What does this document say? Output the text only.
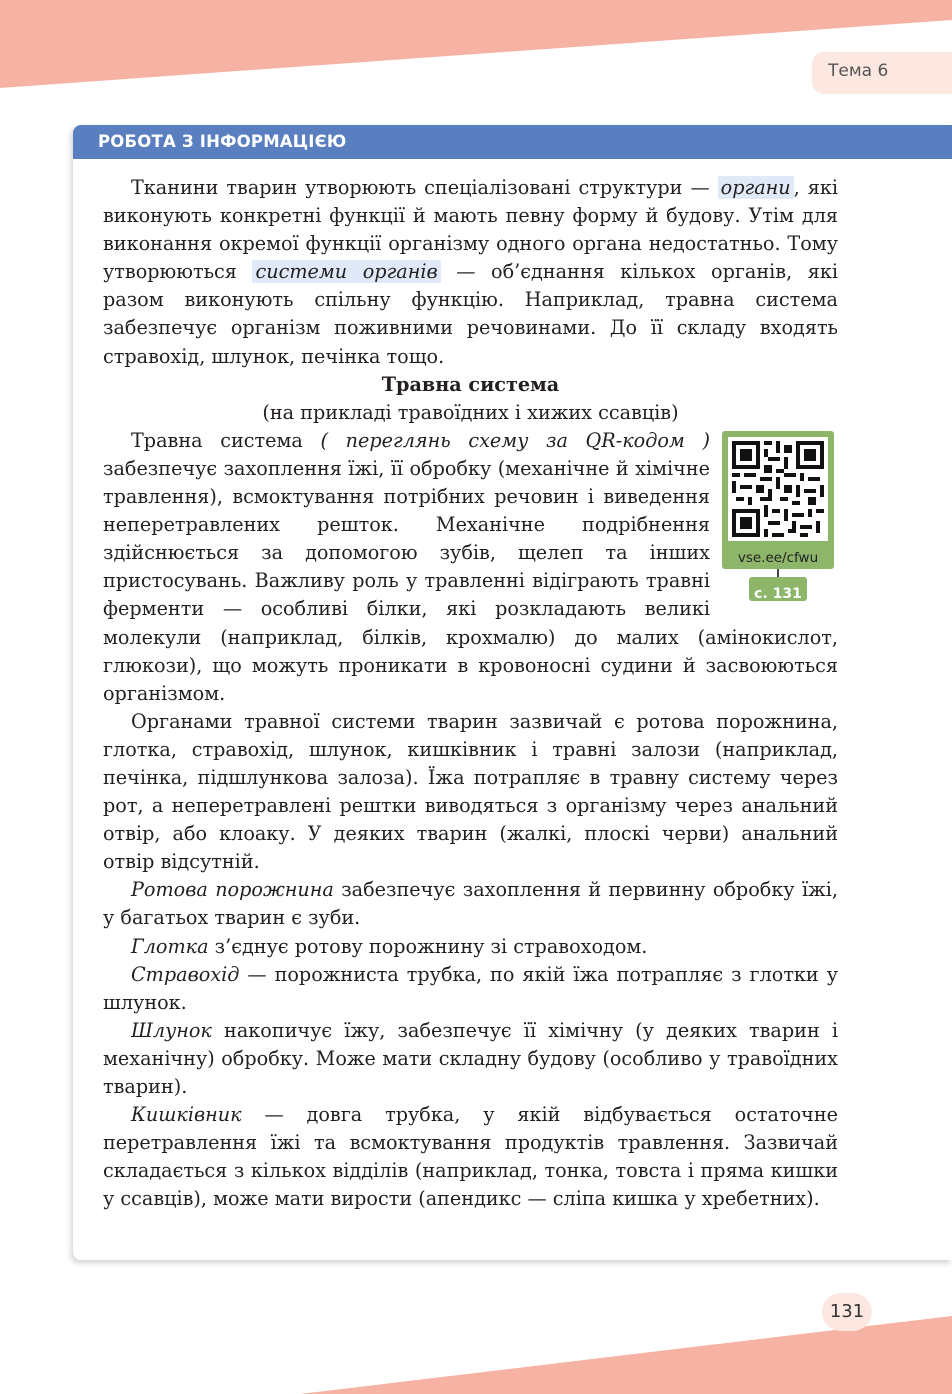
Тема 6
РОБОТА З ІНФОРМАЦІЄЮ

Тканини тварин утворюють спеціалізовані структури — органи , які виконують конкретні функції й мають певну форму й будову. Утім для виконання окремої функції організму одного органа недостатньо. Тому утворюються системи органів — об’єднання кількох органів, які разом виконують спільну функцію. Наприклад, травна система забезпечує організм поживними речовинами. До її складу входять стравохід, шлунок, печінка тощо.

Травна система

(на прикладі травоїдних і хижих ссавців)

vse.ee/cfwu
с. 131

Травна система ( переглянь схему за QR-кодом ) забезпечує захоплення їжі, її обробку (механічне й хімічне травлення), всмоктування потрібних речовин і виведення неперетравлених решток. Механічне подрібнення здійснюється за допомогою зубів, щелеп та інших пристосувань. Важливу роль у травленні відіграють травні ферменти — особливі білки, які розкладають великі молекули (наприклад, білків, крохмалю) до малих (амінокислот, глюкози), що можуть проникати в кровоносні судини й засвоюються організмом.

Органами травної системи тварин зазвичай є ротова порожнина, глотка, стравохід, шлунок, кишківник і травні залози (наприклад, печінка, підшлункова залоза). Їжа потрапляє в травну систему через рот, а неперетравлені рештки виводяться з організму через анальний отвір, або клоаку. У деяких тварин (жалкі, плоскі черви) анальний отвір відсутній.

Ротова порожнина забезпечує захоплення й первинну обробку їжі, у багатьох тварин є зуби.

Глотка з’єднує ротову порожнину зі стравоходом.

Стравохід — порожниста трубка, по якій їжа потрапляє з глотки у шлунок.

Шлунок накопичує їжу, забезпечує її хімічну (у деяких тварин і механічну) обробку. Може мати складну будову (особливо у травоїдних тварин).

Кишківник — довга трубка, у якій відбувається остаточне перетравлення їжі та всмоктування продуктів травлення. Зазвичай складається з кількох відділів (наприклад, тонка, товста і пряма кишки у ссавців), може мати вирости (апендикс — сліпа кишка у хребетних).

131
